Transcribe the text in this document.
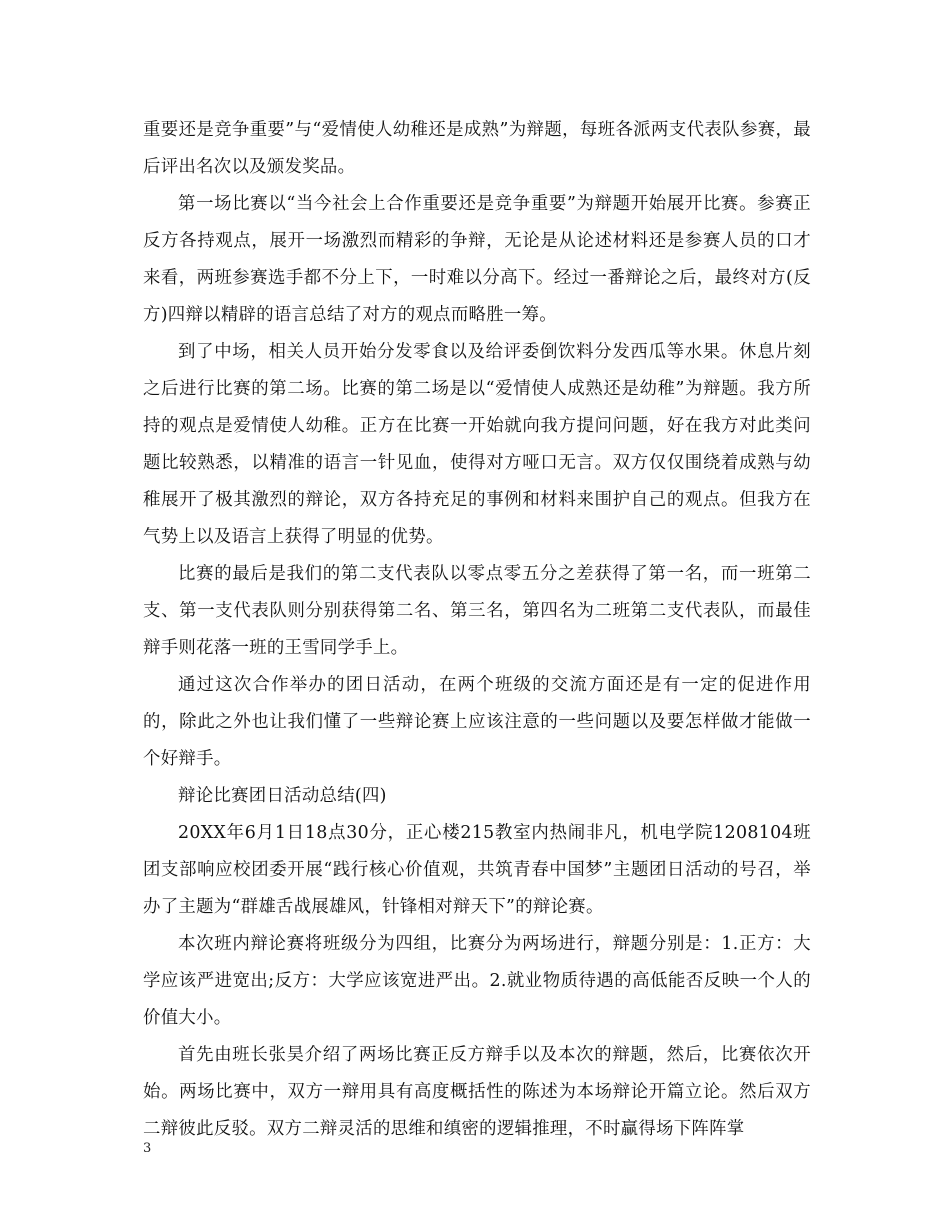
重要还是竞争重要”与“爱情使人幼稚还是成熟”为辩题，每班各派两支代表队参赛，最后评出名次以及颁发奖品。

第一场比赛以“当今社会上合作重要还是竞争重要”为辩题开始展开比赛。参赛正反方各持观点，展开一场激烈而精彩的争辩，无论是从论述材料还是参赛人员的口才来看，两班参赛选手都不分上下，一时难以分高下。经过一番辩论之后，最终对方(反方)四辩以精辟的语言总结了对方的观点而略胜一筹。

到了中场，相关人员开始分发零食以及给评委倒饮料分发西瓜等水果。休息片刻之后进行比赛的第二场。比赛的第二场是以“爱情使人成熟还是幼稚”为辩题。我方所持的观点是爱情使人幼稚。正方在比赛一开始就向我方提问问题，好在我方对此类问题比较熟悉，以精准的语言一针见血，使得对方哑口无言。双方仅仅围绕着成熟与幼稚展开了极其激烈的辩论，双方各持充足的事例和材料来围护自己的观点。但我方在气势上以及语言上获得了明显的优势。

比赛的最后是我们的第二支代表队以零点零五分之差获得了第一名，而一班第二支、第一支代表队则分别获得第二名、第三名，第四名为二班第二支代表队，而最佳辩手则花落一班的王雪同学手上。

通过这次合作举办的团日活动，在两个班级的交流方面还是有一定的促进作用的，除此之外也让我们懂了一些辩论赛上应该注意的一些问题以及要怎样做才能做一个好辩手。

辩论比赛团日活动总结(四)

20XX年6月1日18点30分，正心楼215教室内热闹非凡，机电学院1208104班团支部响应校团委开展“践行核心价值观，共筑青春中国梦”主题团日活动的号召，举办了主题为“群雄舌战展雄风，针锋相对辩天下”的辩论赛。

本次班内辩论赛将班级分为四组，比赛分为两场进行，辩题分别是：1.正方：大学应该严进宽出;反方：大学应该宽进严出。2.就业物质待遇的高低能否反映一个人的价值大小。

首先由班长张昊介绍了两场比赛正反方辩手以及本次的辩题，然后，比赛依次开始。两场比赛中，双方一辩用具有高度概括性的陈述为本场辩论开篇立论。然后双方二辩彼此反驳。双方二辩灵活的思维和缜密的逻辑推理，不时赢得场下阵阵掌

3
